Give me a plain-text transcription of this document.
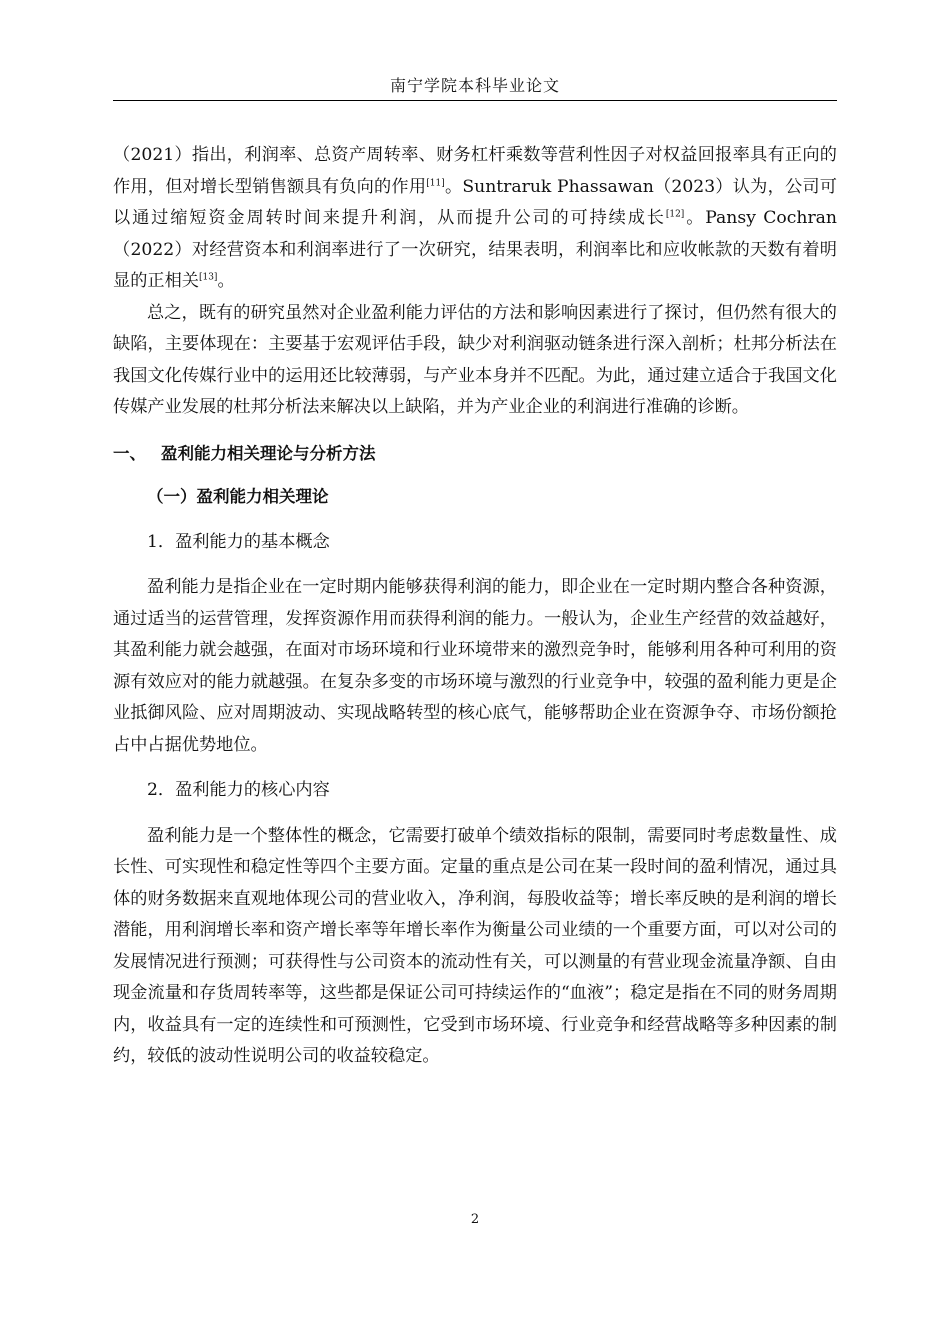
南宁学院本科毕业论文

（2021）指出，利润率、总资产周转率、财务杠杆乘数等营利性因子对权益回报率具有正向的作用，但对增长型销售额具有负向的作用[11]。Suntraruk Phassawan（2023）认为，公司可以通过缩短资金周转时间来提升利润，从而提升公司的可持续成长[12]。Pansy Cochran（2022）对经营资本和利润率进行了一次研究，结果表明，利润率比和应收帐款的天数有着明显的正相关[13]。

总之，既有的研究虽然对企业盈利能力评估的方法和影响因素进行了探讨，但仍然有很大的缺陷，主要体现在：主要基于宏观评估手段，缺少对利润驱动链条进行深入剖析；杜邦分析法在我国文化传媒行业中的运用还比较薄弱，与产业本身并不匹配。为此，通过建立适合于我国文化传媒产业发展的杜邦分析法来解决以上缺陷，并为产业企业的利润进行准确的诊断。

一、 盈利能力相关理论与分析方法

（一）盈利能力相关理论

1．盈利能力的基本概念

盈利能力是指企业在一定时期内能够获得利润的能力，即企业在一定时期内整合各种资源，通过适当的运营管理，发挥资源作用而获得利润的能力。一般认为，企业生产经营的效益越好，其盈利能力就会越强，在面对市场环境和行业环境带来的激烈竞争时，能够利用各种可利用的资源有效应对的能力就越强。在复杂多变的市场环境与激烈的行业竞争中，较强的盈利能力更是企业抵御风险、应对周期波动、实现战略转型的核心底气，能够帮助企业在资源争夺、市场份额抢占中占据优势地位。

2．盈利能力的核心内容

盈利能力是一个整体性的概念，它需要打破单个绩效指标的限制，需要同时考虑数量性、成长性、可实现性和稳定性等四个主要方面。定量的重点是公司在某一段时间的盈利情况，通过具体的财务数据来直观地体现公司的营业收入，净利润，每股收益等；增长率反映的是利润的增长潜能，用利润增长率和资产增长率等年增长率作为衡量公司业绩的一个重要方面，可以对公司的发展情况进行预测；可获得性与公司资本的流动性有关，可以测量的有营业现金流量净额、自由现金流量和存货周转率等，这些都是保证公司可持续运作的“血液”；稳定是指在不同的财务周期内，收益具有一定的连续性和可预测性，它受到市场环境、行业竞争和经营战略等多种因素的制约，较低的波动性说明公司的收益较稳定。

2
